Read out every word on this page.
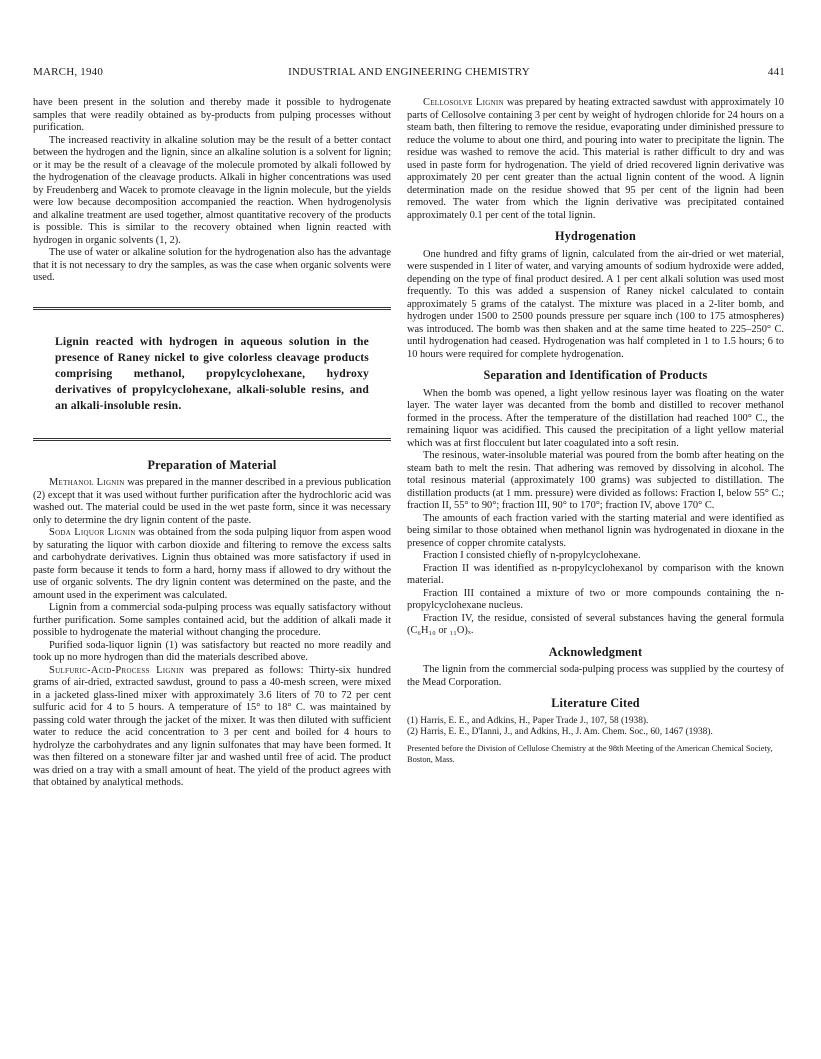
MARCH, 1940	INDUSTRIAL AND ENGINEERING CHEMISTRY	441

have been present in the solution and thereby made it possible to hydrogenate samples that were readily obtained as by-products from pulping processes without purification.

The increased reactivity in alkaline solution may be the result of a better contact between the hydrogen and the lignin, since an alkaline solution is a solvent for lignin; or it may be the result of a cleavage of the molecule promoted by alkali followed by the hydrogenation of the cleavage products. Alkali in higher concentrations was used by Freudenberg and Wacek to promote cleavage in the lignin molecule, but the yields were low because decomposition accompanied the reaction. When hydrogenolysis and alkaline treatment are used together, almost quantitative recovery of the products is possible. This is similar to the recovery obtained when lignin reacted with hydrogen in organic solvents (1, 2).

The use of water or alkaline solution for the hydrogenation also has the advantage that it is not necessary to dry the samples, as was the case when organic solvents were used.

Lignin reacted with hydrogen in aqueous solution in the presence of Raney nickel to give colorless cleavage products comprising methanol, propylcyclohexane, hydroxy derivatives of propylcyclohexane, alkali-soluble resins, and an alkali-insoluble resin.

Preparation of Material

Methanol Lignin was prepared in the manner described in a previous publication (2) except that it was used without further purification after the hydrochloric acid was washed out. The material could be used in the wet paste form, since it was necessary only to determine the dry lignin content of the paste.

Soda Liquor Lignin was obtained from the soda pulping liquor from aspen wood by saturating the liquor with carbon dioxide and filtering to remove the excess salts and carbohydrate derivatives. Lignin thus obtained was more satisfactory if used in paste form because it tends to form a hard, horny mass if allowed to dry without the use of organic solvents. The dry lignin content was determined on the paste, and the amount used in the experiment was calculated.

Lignin from a commercial soda-pulping process was equally satisfactory without further purification. Some samples contained acid, but the addition of alkali made it possible to hydrogenate the material without changing the procedure.

Purified soda-liquor lignin (1) was satisfactory but reacted no more readily and took up no more hydrogen than did the materials described above.

Sulfuric-Acid-Process Lignin was prepared as follows: Thirty-six hundred grams of air-dried, extracted sawdust, ground to pass a 40-mesh screen, were mixed in a jacketed glass-lined mixer with approximately 3.6 liters of 70 to 72 per cent sulfuric acid for 4 to 5 hours. A temperature of 15° to 18° C. was maintained by passing cold water through the jacket of the mixer. It was then diluted with sufficient water to reduce the acid concentration to 3 per cent and boiled for 4 hours to hydrolyze the carbohydrates and any lignin sulfonates that may have been formed. It was then filtered on a stoneware filter jar and washed until free of acid. The product was dried on a tray with a small amount of heat. The yield of the product agrees with that obtained by analytical methods.

Cellosolve Lignin was prepared by heating extracted sawdust with approximately 10 parts of Cellosolve containing 3 per cent by weight of hydrogen chloride for 24 hours on a steam bath, then filtering to remove the residue, evaporating under diminished pressure to reduce the volume to about one third, and pouring into water to precipitate the lignin. The residue was washed to remove the acid. This material is rather difficult to dry and was used in paste form for hydrogenation. The yield of dried recovered lignin derivative was approximately 20 per cent greater than the actual lignin content of the wood. A lignin determination made on the residue showed that 95 per cent of the lignin had been removed. The water from which the lignin derivative was precipitated contained approximately 0.1 per cent of the total lignin.

Hydrogenation

One hundred and fifty grams of lignin, calculated from the air-dried or wet material, were suspended in 1 liter of water, and varying amounts of sodium hydroxide were added, depending on the type of final product desired. A 1 per cent alkali solution was used most frequently. To this was added a suspension of Raney nickel calculated to contain approximately 5 grams of the catalyst. The mixture was placed in a 2-liter bomb, and hydrogen under 1500 to 2500 pounds pressure per square inch (100 to 175 atmospheres) was introduced. The bomb was then shaken and at the same time heated to 225–250° C. until hydrogenation had ceased. Hydrogenation was half completed in 1 to 1.5 hours; 6 to 10 hours were required for complete hydrogenation.

Separation and Identification of Products

When the bomb was opened, a light yellow resinous layer was floating on the water layer. The water layer was decanted from the bomb and distilled to recover methanol formed in the process. After the temperature of the distillation had reached 100° C., the remaining liquor was acidified. This caused the precipitation of a light yellow material which was at first flocculent but later coagulated into a soft resin.

The resinous, water-insoluble material was poured from the bomb after heating on the steam bath to melt the resin. That adhering was removed by dissolving in alcohol. The total resinous material (approximately 100 grams) was subjected to distillation. The distillation products (at 1 mm. pressure) were divided as follows: Fraction I, below 55° C.; fraction II, 55° to 90°; fraction III, 90° to 170°; fraction IV, above 170° C.

The amounts of each fraction varied with the starting material and were identified as being similar to those obtained when methanol lignin was hydrogenated in dioxane in the presence of copper chromite catalysts.

Fraction I consisted chiefly of n-propylcyclohexane.

Fraction II was identified as n-propylcyclohexanol by comparison with the known material.

Fraction III contained a mixture of two or more compounds containing the n-propylcyclohexane nucleus.

Fraction IV, the residue, consisted of several substances having the general formula (C₆H₁₀ or ₁₁O)ₓ.

Acknowledgment

The lignin from the commercial soda-pulping process was supplied by the courtesy of the Mead Corporation.

Literature Cited

(1) Harris, E. E., and Adkins, H., Paper Trade J., 107, 58 (1938).

(2) Harris, E. E., D'Ianni, J., and Adkins, H., J. Am. Chem. Soc., 60, 1467 (1938).

Presented before the Division of Cellulose Chemistry at the 98th Meeting of the American Chemical Society, Boston, Mass.
